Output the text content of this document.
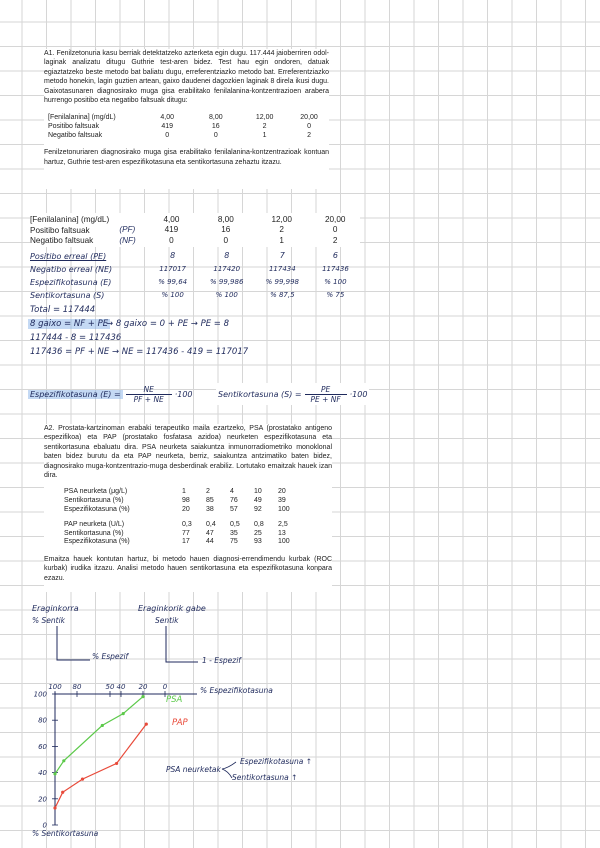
A1. Fenilzetonuria kasu berriak detektatzeko azterketa egin dugu. 117.444 jaioberriren odol-laginak analizatu ditugu Guthrie test-aren bidez. Test hau egin ondoren, datuak egiaztatzeko beste metodo bat baliatu dugu, erreferentziazko metodo bat. Erreferentziazko metodo honekin, lagin guztien artean, gaixo daudenei dagozkien laginak 8 direla ikusi dugu. Gaixotasunaren diagnosirako muga gisa erabilitako fenilalanina-kontzentrazioen arabera hurrengo positibo eta negatibo faltsuak ditugu:

[Fenilalanina] (mg/dL)	4,00	8,00	12,00	20,00
Positibo faltsuak	419	16	2	0
Negatibo faltsuak	0	0	1	2

Fenilzetonuriaren diagnosirako muga gisa erabilitako fenilalanina-kontzentrazioak kontuan hartuz, Guthrie test-aren espezifikotasuna eta sentikortasuna zehaztu itzazu.

[Fenilalanina] (mg/dL)		4,00	8,00	12,00	20,00
Positibo faltsuak	(PF)	419	16	2	0
Negatibo faltsuak	(NF)	0	0	1	2
Positibo erreal (PE)	8	8	7	6
Negatibo erreal (NE)	117017	117420	117434	117436
Espezifikotasuna (E)	% 99,64	% 99,986	% 99,998	% 100
Sentikortasuna (S)	% 100	% 100	% 87,5	% 75
Total = 117444
8 gaixo = NF + PE
→ 8 gaixo = 0 + PE → PE = 8
117444 - 8 = 117436
117436 = PF + NE → NE = 117436 - 419 = 117017
Espezifikotasuna (E) =
NE
PF + NE
·100	Sentikortasuna (S) =
PE
PE + NF
·100

A2. Prostata-kartzinoman erabaki terapeutiko maila ezartzeko, PSA (prostatako antigeno espezifikoa) eta PAP (prostatako fosfatasa azidoa) neurketen espezifikotasuna eta sentikortasuna ebaluatu dira. PSA neurketa saiakuntza inmunorradiometriko monoklonal baten bidez burutu da eta PAP neurketa, berriz, saiakuntza antzimatiko baten bidez, diagnosirako muga-kontzentrazio-muga desberdinak erabiliz. Lortutako emaitzak hauek izan dira.

PSA neurketa (μg/L)	1	2	4	10	20
Sentikortasuna (%)	98	85	76	49	39
Espezifikotasuna (%)	20	38	57	92	100
PAP neurketa (U/L)	0,3	0,4	0,5	0,8	2,5
Sentikortasuna (%)	77	47	35	25	13
Espezifikotasuna (%)	17	44	75	93	100

Emaitza hauek kontutan hartuz, bi metodo hauen diagnosi-errendimendu kurbak (ROC kurbak) irudika itzazu. Analisi metodo hauen sentikortasuna eta espezifikotasuna konpara ezazu.

Eraginkorra
% Sentik
% Espezif
Eraginkorik gabe
Sentik
1 - Espezif
100 80	50 40 20 0
100
80
60
40
20
0
% Espezifikotasuna
% Sentikortasuna
PSA
PAP
PSA neurketak
Espezifikotasuna ↑
Sentikortasuna ↑
